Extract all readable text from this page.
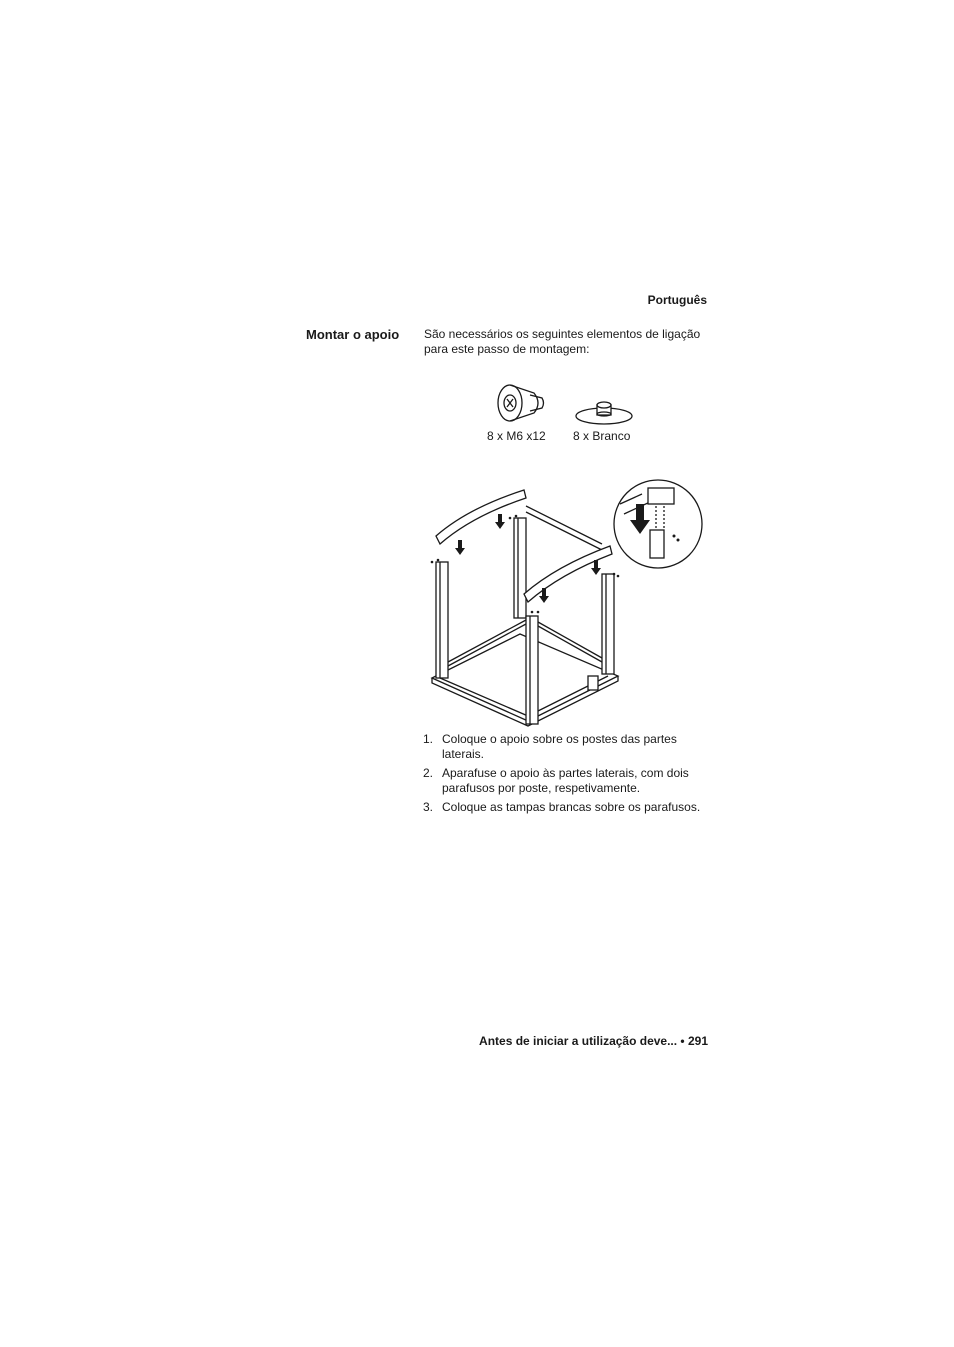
Português
Montar o apoio São necessários os seguintes elementos de ligação
para este passo de montagem:
8 x M6 x12 8 x Branco
1. Coloque o apoio sobre os postes das partes
laterais.
2. Aparafuse o apoio às partes laterais, com dois
parafusos por poste, respetivamente.
3. Coloque as tampas brancas sobre os parafusos.
Antes de iniciar a utilização deve... • 291
